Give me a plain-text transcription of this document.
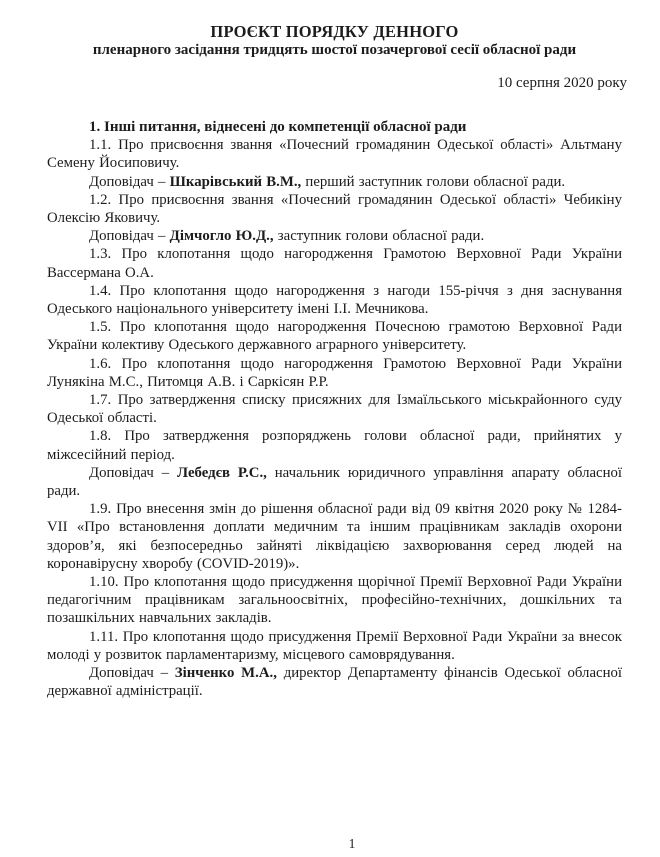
ПРОЄКТ ПОРЯДКУ ДЕННОГО
пленарного засідання тридцять шостої позачергової сесії обласної ради
10 серпня 2020 року
1. Інші питання, віднесені до компетенції обласної ради

1.1. Про присвоєння звання «Почесний громадянин Одеської області» Альтману Семену Йосиповичу.

Доповідач – Шкарівський В.М., перший заступник голови обласної ради.

1.2. Про присвоєння звання «Почесний громадянин Одеської області» Чебикіну Олексію Яковичу.

Доповідач – Дімчогло Ю.Д., заступник голови обласної ради.

1.3. Про клопотання щодо нагородження Грамотою Верховної Ради України Вассермана О.А.

1.4. Про клопотання щодо нагородження з нагоди 155-річчя з дня заснування Одеського національного університету імені І.І. Мечникова.

1.5. Про клопотання щодо нагородження Почесною грамотою Верховної Ради України колективу Одеського державного аграрного університету.

1.6. Про клопотання щодо нагородження Грамотою Верховної Ради України Лунякіна М.С., Питомця А.В. і Саркісян Р.Р.

1.7. Про затвердження списку присяжних для Ізмаїльського міськрайонного суду Одеської області.

1.8. Про затвердження розпоряджень голови обласної ради, прийнятих у міжсесійний період.

Доповідач – Лебедєв Р.С., начальник юридичного управління апарату обласної ради.

1.9. Про внесення змін до рішення обласної ради від 09 квітня 2020 року № 1284-VII «Про встановлення доплати медичним та іншим працівникам закладів охорони здоров’я, які безпосередньо зайняті ліквідацією захворювання серед людей на коронавірусну хворобу (COVID-2019)».

1.10. Про клопотання щодо присудження щорічної Премії Верховної Ради України педагогічним працівникам загальноосвітніх, професійно-технічних, дошкільних та позашкільних навчальних закладів.

1.11. Про клопотання щодо присудження Премії Верховної Ради України за внесок молоді у розвиток парламентаризму, місцевого самоврядування.

Доповідач – Зінченко М.А., директор Департаменту фінансів Одеської обласної державної адміністрації.

1
